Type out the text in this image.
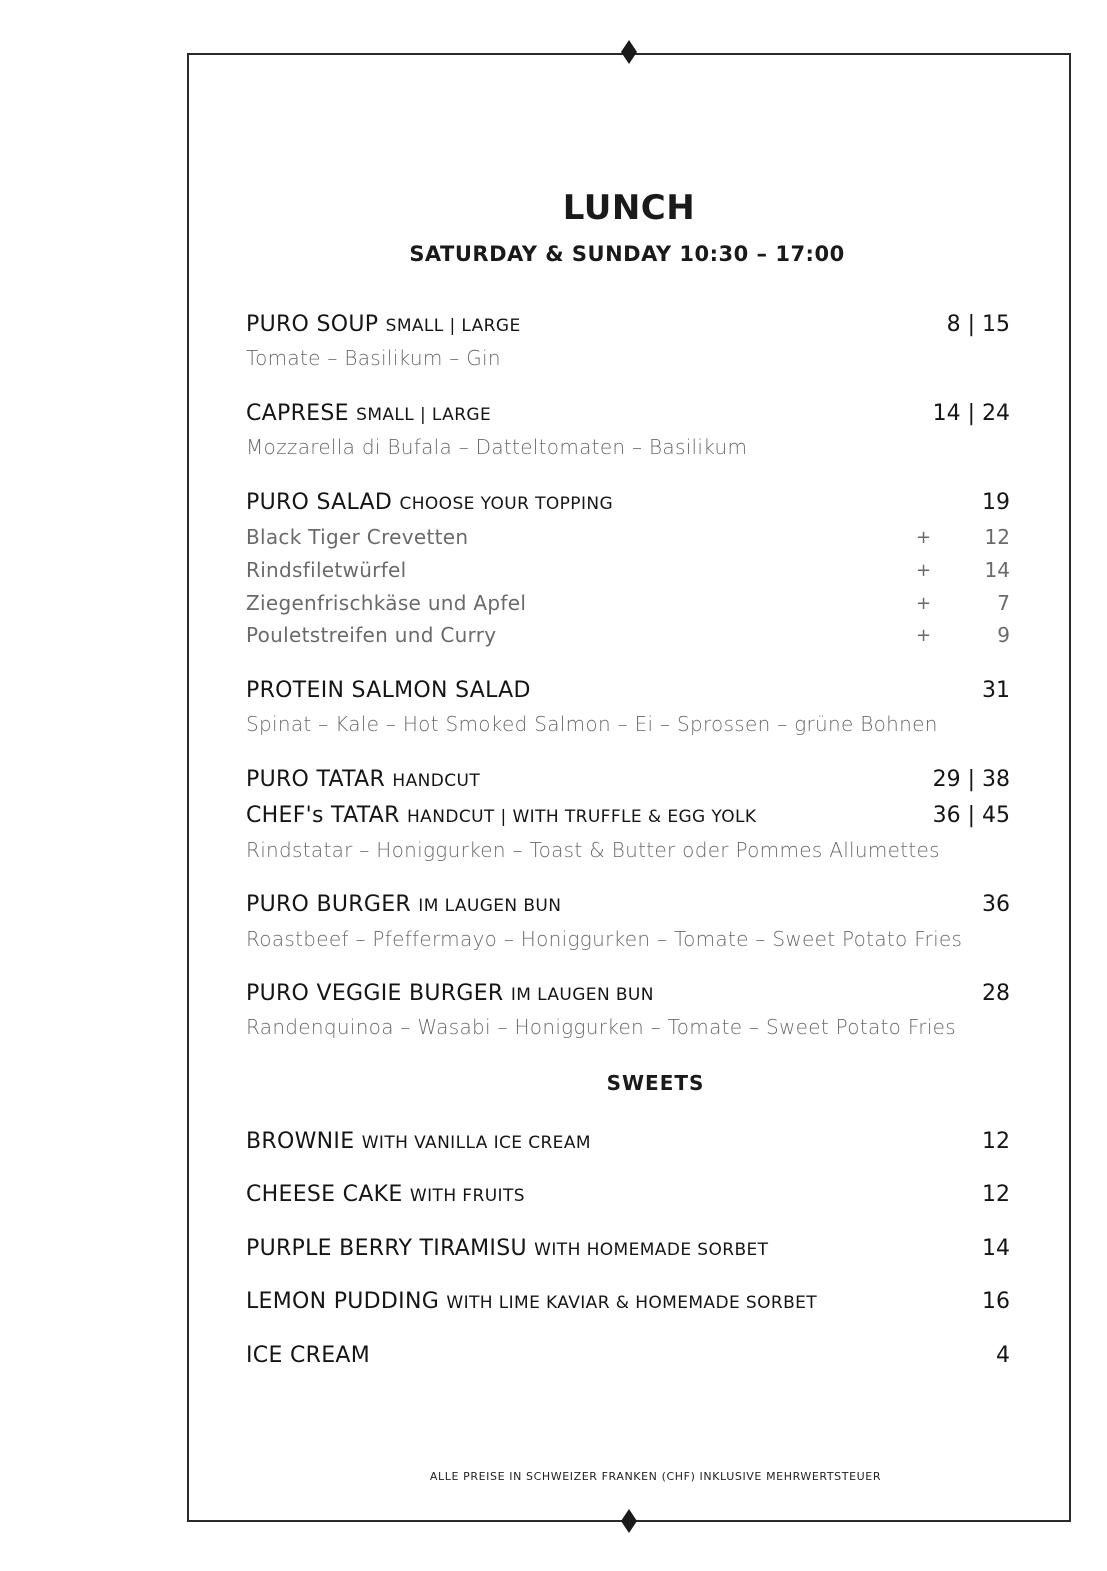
LUNCH
SATURDAY & SUNDAY 10:30 – 17:00
PURO SOUP SMALL | LARGE	8 | 15
Tomate – Basilikum – Gin
CAPRESE SMALL | LARGE	14 | 24
Mozzarella di Bufala – Datteltomaten – Basilikum
PURO SALAD CHOOSE YOUR TOPPING	19
Black Tiger Crevetten	+	12
Rindsfiletwürfel	+	14
Ziegenfrischkäse und Apfel	+	7
Pouletstreifen und Curry	+	9
PROTEIN SALMON SALAD	31
Spinat – Kale – Hot Smoked Salmon – Ei – Sprossen – grüne Bohnen
PURO TATAR HANDCUT	29 | 38
CHEF's TATAR HANDCUT | WITH TRUFFLE & EGG YOLK	36 | 45
Rindstatar – Honiggurken – Toast & Butter oder Pommes Allumettes
PURO BURGER IM LAUGEN BUN	36
Roastbeef – Pfeffermayo – Honiggurken – Tomate – Sweet Potato Fries
PURO VEGGIE BURGER IM LAUGEN BUN	28
Randenquinoa – Wasabi – Honiggurken – Tomate – Sweet Potato Fries
SWEETS
BROWNIE WITH VANILLA ICE CREAM	12
CHEESE CAKE WITH FRUITS	12
PURPLE BERRY TIRAMISU WITH HOMEMADE SORBET	14
LEMON PUDDING WITH LIME KAVIAR & HOMEMADE SORBET	16
ICE CREAM	4
ALLE PREISE IN SCHWEIZER FRANKEN (CHF) INKLUSIVE MEHRWERTSTEUER
